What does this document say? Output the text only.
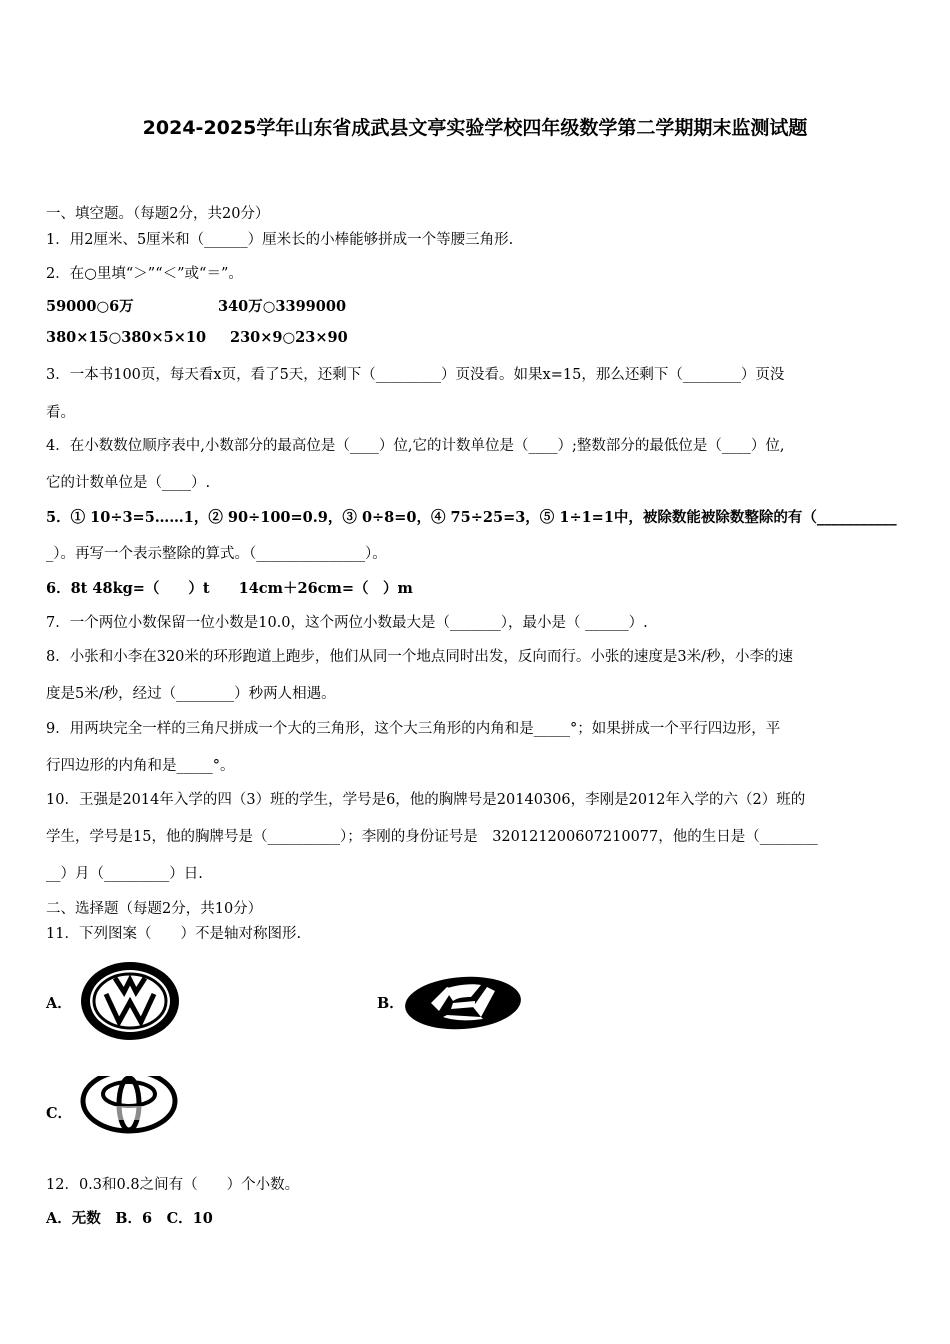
2024-2025学年山东省成武县文亭实验学校四年级数学第二学期期末监测试题
一、填空题。（每题2分，共20分）
1．用2厘米、5厘米和（______）厘米长的小棒能够拼成一个等腰三角形.
2．在○里填“＞”“＜”或“＝”。
59000○6万	340万○3399000
380×15○380×5×10 230×9○23×90
3．一本书100页，每天看x页，看了5天，还剩下（_________）页没看。如果x=15，那么还剩下（________）页没
看。
4．在小数数位顺序表中,小数部分的最高位是（____）位,它的计数单位是（____）;整数部分的最低位是（____）位,
它的计数单位是（____）.
5．① 10÷3=5……1，② 90÷100=0.9，③ 0÷8=0，④ 75÷25=3，⑤ 1÷1=1中，被除数能被除数整除的有（___________
_）。再写一个表示整除的算式。（_______________）。
6．8t 48kg=（　　）t　　14cm＋26cm=（　）m
7．一个两位小数保留一位小数是10.0，这个两位小数最大是（_______），最小是（ ______）.
8．小张和小李在320米的环形跑道上跑步，他们从同一个地点同时出发，反向而行。小张的速度是3米/秒，小李的速
度是5米/秒，经过（________）秒两人相遇。
9．用两块完全一样的三角尺拼成一个大的三角形，这个大三角形的内角和是_____°；如果拼成一个平行四边形，平
行四边形的内角和是_____°。
10．王强是2014年入学的四（3）班的学生，学号是6，他的胸牌号是20140306，李刚是2012年入学的六（2）班的
学生，学号是15，他的胸牌号是（__________）；李刚的身份证号是　320121200607210077，他的生日是（________
__）月（_________）日.
二、选择题（每题2分，共10分）
11．下列图案（　　）不是轴对称图形.
A．	B．
C．
12．0.3和0.8之间有（　　）个小数。
A．无数　B．6　C．10
